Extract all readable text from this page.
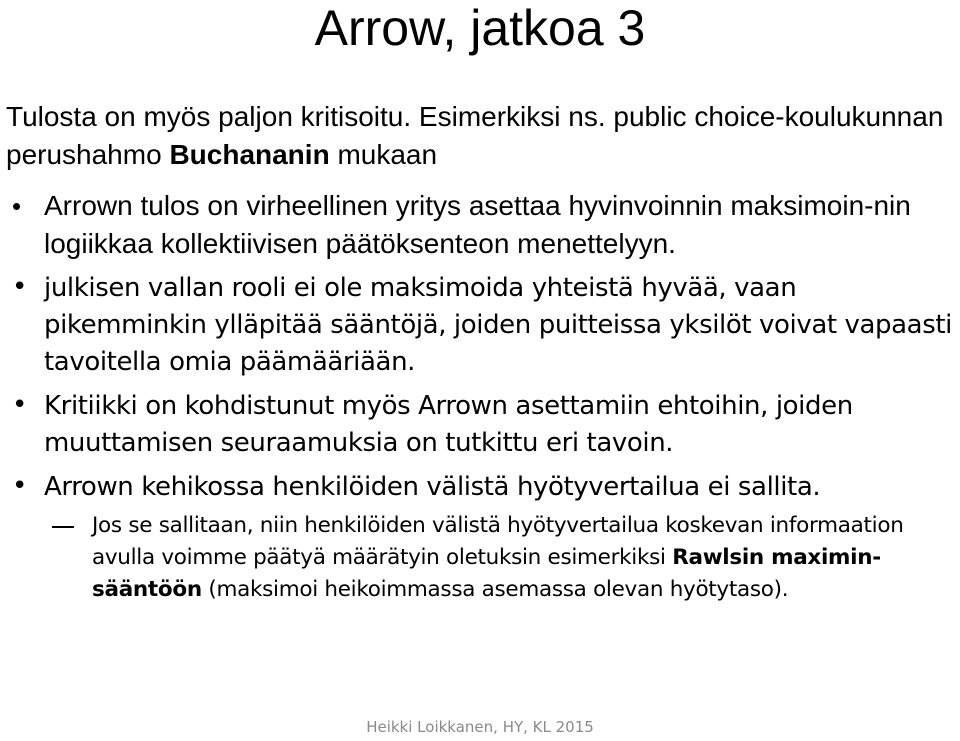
Arrow, jatkoa 3

Tulosta on myös paljon kritisoitu. Esimerkiksi ns. public choice-koulukunnan perushahmo Buchananin mukaan

• Arrown tulos on virheellinen yritys asettaa hyvinvoinnin maksimoin-nin logiikkaa kollektiivisen päätöksenteon menettelyyn.

• julkisen vallan rooli ei ole maksimoida yhteistä hyvää, vaan pikemminkin ylläpitää sääntöjä, joiden puitteissa yksilöt voivat vapaasti tavoitella omia päämääriään.

• Kritiikki on kohdistunut myös Arrown asettamiin ehtoihin, joiden muuttamisen seuraamuksia on tutkittu eri tavoin.

• Arrown kehikossa henkilöiden välistä hyötyvertailua ei sallita.

Jos se sallitaan, niin henkilöiden välistä hyötyvertailua koskevan informaation avulla voimme päätyä määrätyin oletuksin esimerkiksi Rawlsin maximin-sääntöön (maksimoi heikoimmassa asemassa olevan hyötytaso).

Heikki Loikkanen, HY, KL 2015
